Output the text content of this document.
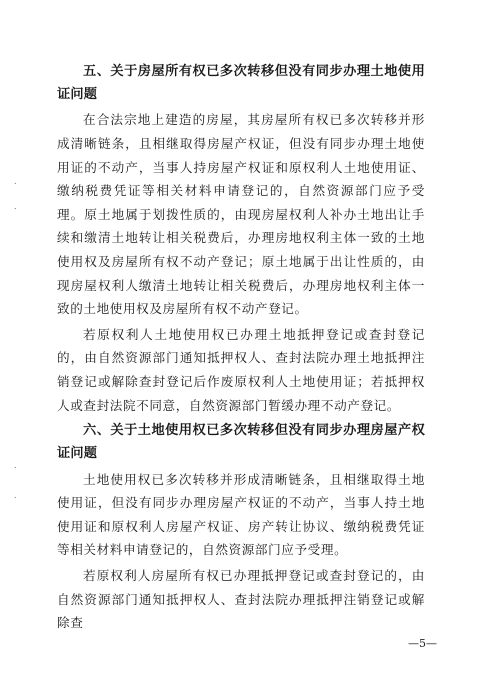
.
.
.
.

五、关于房屋所有权已多次转移但没有同步办理土地使用证问题

在合法宗地上建造的房屋，其房屋所有权已多次转移并形成清晰链条，且相继取得房屋产权证，但没有同步办理土地使用证的不动产，当事人持房屋产权证和原权利人土地使用证、缴纳税费凭证等相关材料申请登记的，自然资源部门应予受理。原土地属于划拨性质的，由现房屋权利人补办土地出让手续和缴清土地转让相关税费后，办理房地权利主体一致的土地使用权及房屋所有权不动产登记；原土地属于出让性质的，由现房屋权利人缴清土地转让相关税费后，办理房地权利主体一致的土地使用权及房屋所有权不动产登记。

若原权利人土地使用权已办理土地抵押登记或查封登记的，由自然资源部门通知抵押权人、查封法院办理土地抵押注销登记或解除查封登记后作废原权利人土地使用证；若抵押权人或查封法院不同意，自然资源部门暂缓办理不动产登记。

六、关于土地使用权已多次转移但没有同步办理房屋产权证问题

土地使用权已多次转移并形成清晰链条，且相继取得土地使用证，但没有同步办理房屋产权证的不动产，当事人持土地使用证和原权利人房屋产权证、房产转让协议、缴纳税费凭证等相关材料申请登记的，自然资源部门应予受理。

若原权利人房屋所有权已办理抵押登记或查封登记的，由自然资源部门通知抵押权人、查封法院办理抵押注销登记或解除查

—5—
